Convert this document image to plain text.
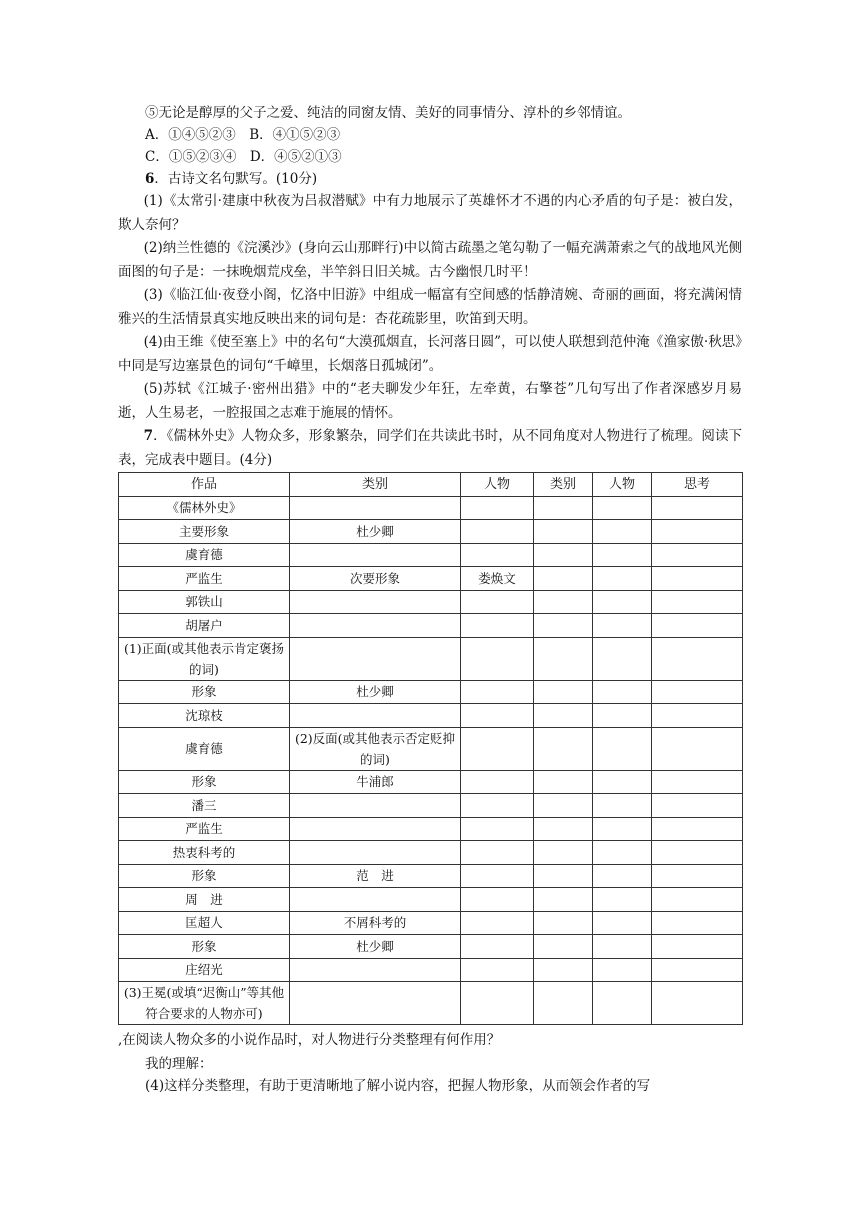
⑤无论是醇厚的父子之爱、纯洁的同窗友情、美好的同事情分、淳朴的乡邻情谊。
A．①④⑤②③　B．④①⑤②③
C．①⑤②③④　D．④⑤②①③
6．古诗文名句默写。(10分)
(1)《太常引·建康中秋夜为吕叔潜赋》中有力地展示了英雄怀才不遇的内心矛盾的句子是：被白发，欺人奈何？
(2)纳兰性德的《浣溪沙》(身向云山那畔行)中以简古疏墨之笔勾勒了一幅充满萧索之气的战地风光侧面图的句子是：一抹晚烟荒戍垒，半竿斜日旧关城。古今幽恨几时平！
(3)《临江仙·夜登小阁，忆洛中旧游》中组成一幅富有空间感的恬静清婉、奇丽的画面，将充满闲情雅兴的生活情景真实地反映出来的词句是：杏花疏影里，吹笛到天明。
(4)由王维《使至塞上》中的名句“大漠孤烟直，长河落日圆”，可以使人联想到范仲淹《渔家傲·秋思》中同是写边塞景色的词句“千嶂里，长烟落日孤城闭”。
(5)苏轼《江城子·密州出猎》中的“老夫聊发少年狂，左牵黄，右擎苍”几句写出了作者深感岁月易逝，人生易老，一腔报国之志难于施展的情怀。
7．《儒林外史》人物众多，形象繁杂，同学们在共读此书时，从不同角度对人物进行了梳理。阅读下表，完成表中题目。(4分)
作品	类别	人物	类别	人物	思考
《儒林外史》					
主要形象	杜少卿				
虞育德					
严监生	次要形象	娄焕文			
郭铁山					
胡屠户					
(1)正面(或其他表示肯定褒扬的词)					
形象	杜少卿				
沈琼枝					
虞育德	(2)反面(或其他表示否定贬抑的词)				
形象	牛浦郎				
潘三					
严监生					
热衷科考的					
形象	范　进				
周　进					
匡超人	不屑科考的				
形象	杜少卿				
庄绍光					
(3)王冕(或填“迟衡山”等其他符合要求的人物亦可)					
,在阅读人物众多的小说作品时，对人物进行分类整理有何作用？
我的理解：
(4)这样分类整理，有助于更清晰地了解小说内容，把握人物形象，从而领会作者的写
